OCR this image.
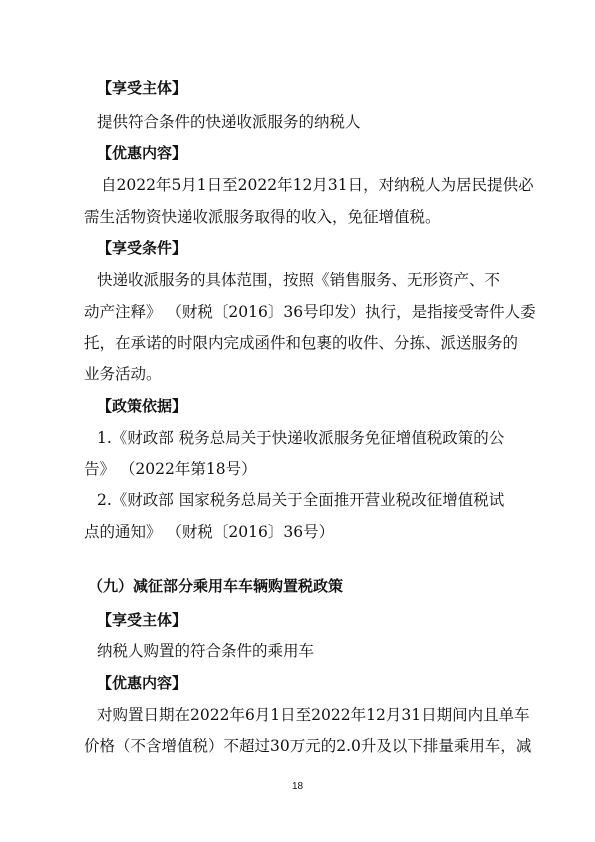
【享受主体】
提供符合条件的快递收派服务的纳税人
【优惠内容】
自2022年5月1日至2022年12月31日，对纳税人为居民提供必
需生活物资快递收派服务取得的收入，免征增值税。
【享受条件】
快递收派服务的具体范围，按照《销售服务、无形资产、不
动产注释》 （财税〔2016〕36号印发）执行，是指接受寄件人委
托，在承诺的时限内完成函件和包裹的收件、分拣、派送服务的
业务活动。
【政策依据】
1.《财政部 税务总局关于快递收派服务免征增值税政策的公
告》 （2022年第18号）
2.《财政部 国家税务总局关于全面推开营业税改征增值税试
点的通知》 （财税〔2016〕36号）
（九）减征部分乘用车车辆购置税政策
【享受主体】
纳税人购置的符合条件的乘用车
【优惠内容】
对购置日期在2022年6月1日至2022年12月31日期间内且单车
价格（不含增值税）不超过30万元的2.0升及以下排量乘用车，减
18
